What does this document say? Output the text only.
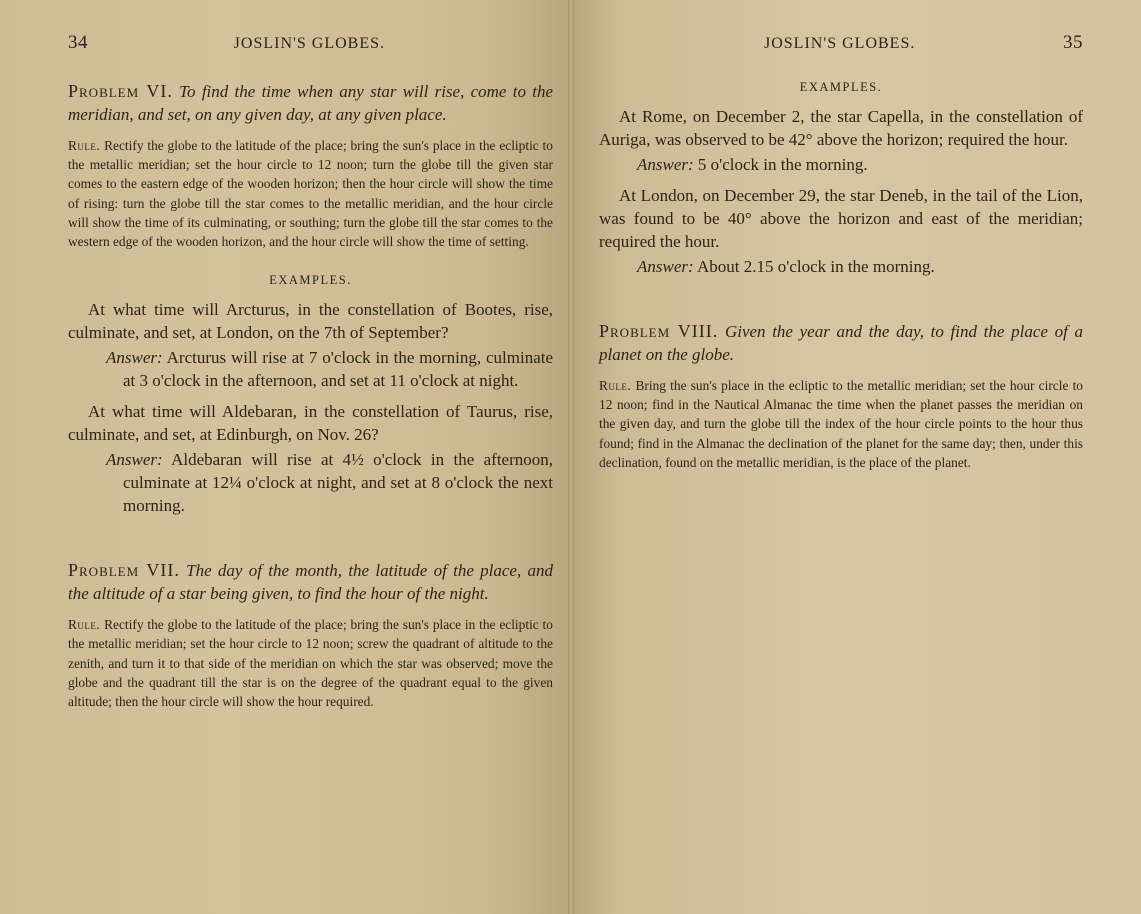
34	JOSLIN'S GLOBES.

Problem VI. To find the time when any star will rise, come to the meridian, and set, on any given day, at any given place.

Rule. Rectify the globe to the latitude of the place; bring the sun's place in the ecliptic to the metallic meridian; set the hour circle to 12 noon; turn the globe till the given star comes to the eastern edge of the wooden horizon; then the hour circle will show the time of rising: turn the globe till the star comes to the metallic meridian, and the hour circle will show the time of its culminating, or southing; turn the globe till the star comes to the western edge of the wooden horizon, and the hour circle will show the time of setting.

EXAMPLES.

At what time will Arcturus, in the constellation of Bootes, rise, culminate, and set, at London, on the 7th of September?

Answer: Arcturus will rise at 7 o'clock in the morning, culminate at 3 o'clock in the afternoon, and set at 11 o'clock at night.

At what time will Aldebaran, in the constellation of Taurus, rise, culminate, and set, at Edinburgh, on Nov. 26?

Answer: Aldebaran will rise at 4½ o'clock in the afternoon, culminate at 12¼ o'clock at night, and set at 8 o'clock the next morning.

Problem VII. The day of the month, the latitude of the place, and the altitude of a star being given, to find the hour of the night.

Rule. Rectify the globe to the latitude of the place; bring the sun's place in the ecliptic to the metallic meridian; set the hour circle to 12 noon; screw the quadrant of altitude to the zenith, and turn it to that side of the meridian on which the star was observed; move the globe and the quadrant till the star is on the degree of the quadrant equal to the given altitude; then the hour circle will show the hour required.

JOSLIN'S GLOBES.	35
EXAMPLES.

At Rome, on December 2, the star Capella, in the constellation of Auriga, was observed to be 42° above the horizon; required the hour.

Answer: 5 o'clock in the morning.

At London, on December 29, the star Deneb, in the tail of the Lion, was found to be 40° above the horizon and east of the meridian; required the hour.

Answer: About 2.15 o'clock in the morning.

Problem VIII. Given the year and the day, to find the place of a planet on the globe.

Rule. Bring the sun's place in the ecliptic to the metallic meridian; set the hour circle to 12 noon; find in the Nautical Almanac the time when the planet passes the meridian on the given day, and turn the globe till the index of the hour circle points to the hour thus found; find in the Almanac the declination of the planet for the same day; then, under this declination, found on the metallic meridian, is the place of the planet.
